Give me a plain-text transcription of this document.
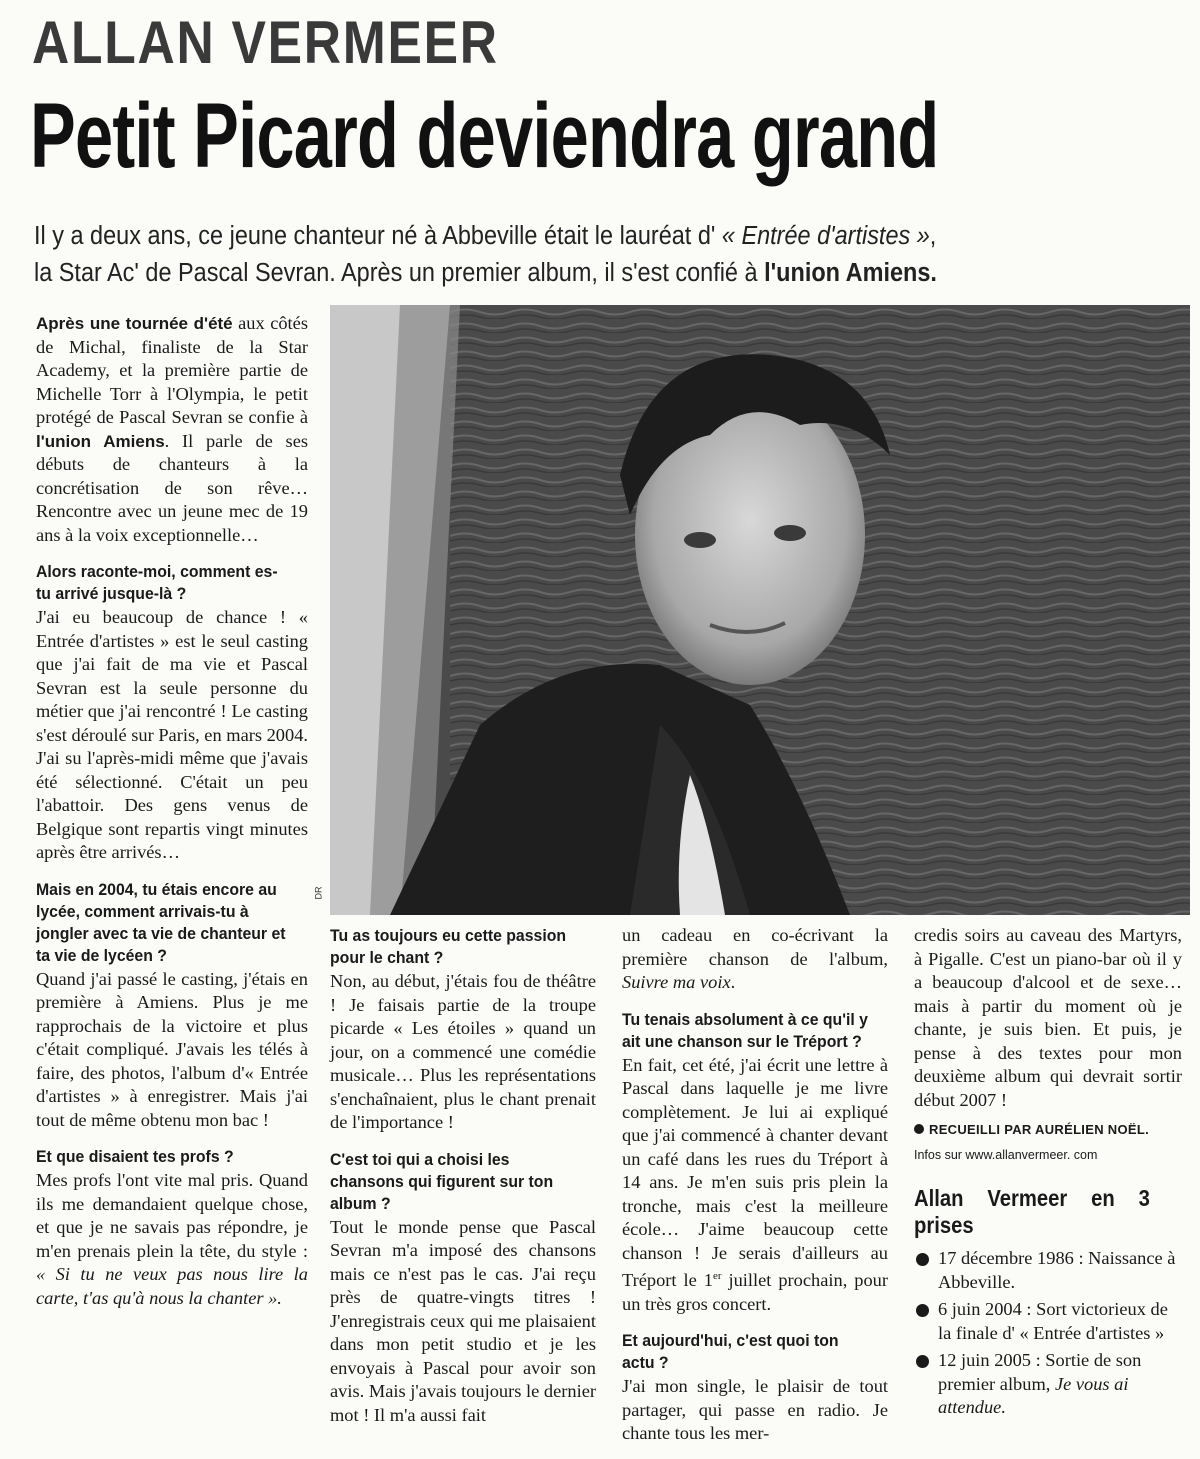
ALLAN VERMEER
Petit Picard deviendra grand
Il y a deux ans, ce jeune chanteur né à Abbeville était le lauréat d' « Entrée d'artistes »,
la Star Ac' de Pascal Sevran. Après un premier album, il s'est confié à l'union Amiens.
DR

Après une tournée d'été aux côtés de Michal, finaliste de la Star Academy, et la première partie de Michelle Torr à l'Olympia, le petit protégé de Pascal Sevran se confie à l'union Amiens. Il parle de ses débuts de chanteurs à la concrétisation de son rêve… Rencontre avec un jeune mec de 19 ans à la voix exceptionnelle…

Alors raconte-moi, comment es-tu arrivé jusque-là ?

J'ai eu beaucoup de chance ! « Entrée d'artistes » est le seul casting que j'ai fait de ma vie et Pascal Sevran est la seule personne du métier que j'ai rencontré ! Le casting s'est déroulé sur Paris, en mars 2004. J'ai su l'après-midi même que j'avais été sélectionné. C'était un peu l'abattoir. Des gens venus de Belgique sont repartis vingt minutes après être arrivés…

Mais en 2004, tu étais encore au lycée, comment arrivais-tu à jongler avec ta vie de chanteur et ta vie de lycéen ?

Quand j'ai passé le casting, j'étais en première à Amiens. Plus je me rapprochais de la victoire et plus c'était compliqué. J'avais les télés à faire, des photos, l'album d'« Entrée d'artistes » à enregistrer. Mais j'ai tout de même obtenu mon bac !

Et que disaient tes profs ?

Mes profs l'ont vite mal pris. Quand ils me demandaient quelque chose, et que je ne savais pas répondre, je m'en prenais plein la tête, du style : « Si tu ne veux pas nous lire la carte, t'as qu'à nous la chanter ».

Tu as toujours eu cette passion pour le chant ?

Non, au début, j'étais fou de théâtre ! Je faisais partie de la troupe picarde « Les étoiles » quand un jour, on a commencé une comédie musicale… Plus les représentations s'enchaînaient, plus le chant prenait de l'importance !

C'est toi qui a choisi les chansons qui figurent sur ton album ?

Tout le monde pense que Pascal Sevran m'a imposé des chansons mais ce n'est pas le cas. J'ai reçu près de quatre-vingts titres ! J'enregistrais ceux qui me plaisaient dans mon petit studio et je les envoyais à Pascal pour avoir son avis. Mais j'avais toujours le dernier mot ! Il m'a aussi fait

un cadeau en co-écrivant la première chanson de l'album, Suivre ma voix.

Tu tenais absolument à ce qu'il y ait une chanson sur le Tréport ?

En fait, cet été, j'ai écrit une lettre à Pascal dans laquelle je me livre complètement. Je lui ai expliqué que j'ai commencé à chanter devant un café dans les rues du Tréport à 14 ans. Je m'en suis pris plein la tronche, mais c'est la meilleure école… J'aime beaucoup cette chanson ! Je serais d'ailleurs au Tréport le 1er juillet prochain, pour un très gros concert.

Et aujourd'hui, c'est quoi ton actu ?

J'ai mon single, le plaisir de tout partager, qui passe en radio. Je chante tous les mer-

credis soirs au caveau des Martyrs, à Pigalle. C'est un piano-bar où il y a beaucoup d'alcool et de sexe… mais à partir du moment où je chante, je suis bien. Et puis, je pense à des textes pour mon deuxième album qui devrait sortir début 2007 !

RECUEILLI PAR AURÉLIEN NOËL.

Infos sur www.allanvermeer. com

Allan Vermeer en 3 prises

17 décembre 1986 : Naissance à Abbeville.
6 juin 2004 : Sort victorieux de la finale d' « Entrée d'artistes »
12 juin 2005 : Sortie de son premier album, Je vous ai attendue.
